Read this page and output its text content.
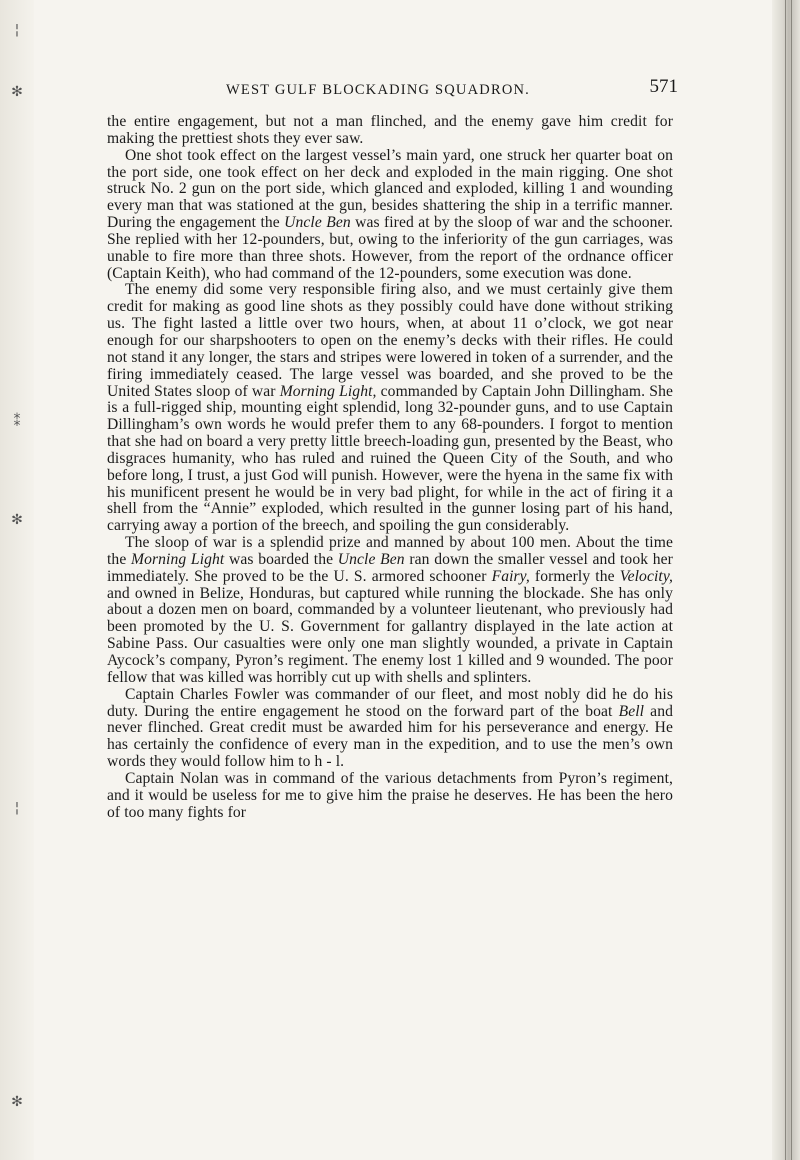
¦
✻
⁑
✻
¦
✻
WEST GULF BLOCKADING SQUADRON.	571

the entire engagement, but not a man flinched, and the enemy gave him credit for making the prettiest shots they ever saw.

One shot took effect on the largest vessel’s main yard, one struck her quarter boat on the port side, one took effect on her deck and exploded in the main rigging. One shot struck No. 2 gun on the port side, which glanced and exploded, killing 1 and wounding every man that was stationed at the gun, besides shattering the ship in a terrific manner. During the engagement the Uncle Ben was fired at by the sloop of war and the schooner. She replied with her 12-pounders, but, owing to the inferiority of the gun carriages, was unable to fire more than three shots. However, from the report of the ordnance officer (Captain Keith), who had command of the 12-pounders, some execution was done.

The enemy did some very responsible firing also, and we must certainly give them credit for making as good line shots as they possibly could have done without striking us. The fight lasted a little over two hours, when, at about 11 o’clock, we got near enough for our sharpshooters to open on the enemy’s decks with their rifles. He could not stand it any longer, the stars and stripes were lowered in token of a surrender, and the firing immediately ceased. The large vessel was boarded, and she proved to be the United States sloop of war Morning Light, commanded by Captain John Dillingham. She is a full-rigged ship, mounting eight splendid, long 32-pounder guns, and to use Captain Dillingham’s own words he would prefer them to any 68-pounders. I forgot to mention that she had on board a very pretty little breech-loading gun, presented by the Beast, who disgraces humanity, who has ruled and ruined the Queen City of the South, and who before long, I trust, a just God will punish. However, were the hyena in the same fix with his munificent present he would be in very bad plight, for while in the act of firing it a shell from the “Annie” exploded, which resulted in the gunner losing part of his hand, carrying away a portion of the breech, and spoiling the gun considerably.

The sloop of war is a splendid prize and manned by about 100 men. About the time the Morning Light was boarded the Uncle Ben ran down the smaller vessel and took her immediately. She proved to be the U. S. armored schooner Fairy, formerly the Velocity, and owned in Belize, Honduras, but captured while running the blockade. She has only about a dozen men on board, commanded by a volunteer lieutenant, who previously had been promoted by the U. S. Government for gallantry displayed in the late action at Sabine Pass. Our casualties were only one man slightly wounded, a private in Captain Aycock’s company, Pyron’s regiment. The enemy lost 1 killed and 9 wounded. The poor fellow that was killed was horribly cut up with shells and splinters.

Captain Charles Fowler was commander of our fleet, and most nobly did he do his duty. During the entire engagement he stood on the forward part of the boat Bell and never flinched. Great credit must be awarded him for his perseverance and energy. He has certainly the confidence of every man in the expedition, and to use the men’s own words they would follow him to h - l.

Captain Nolan was in command of the various detachments from Pyron’s regiment, and it would be useless for me to give him the praise he deserves. He has been the hero of too many fights for
